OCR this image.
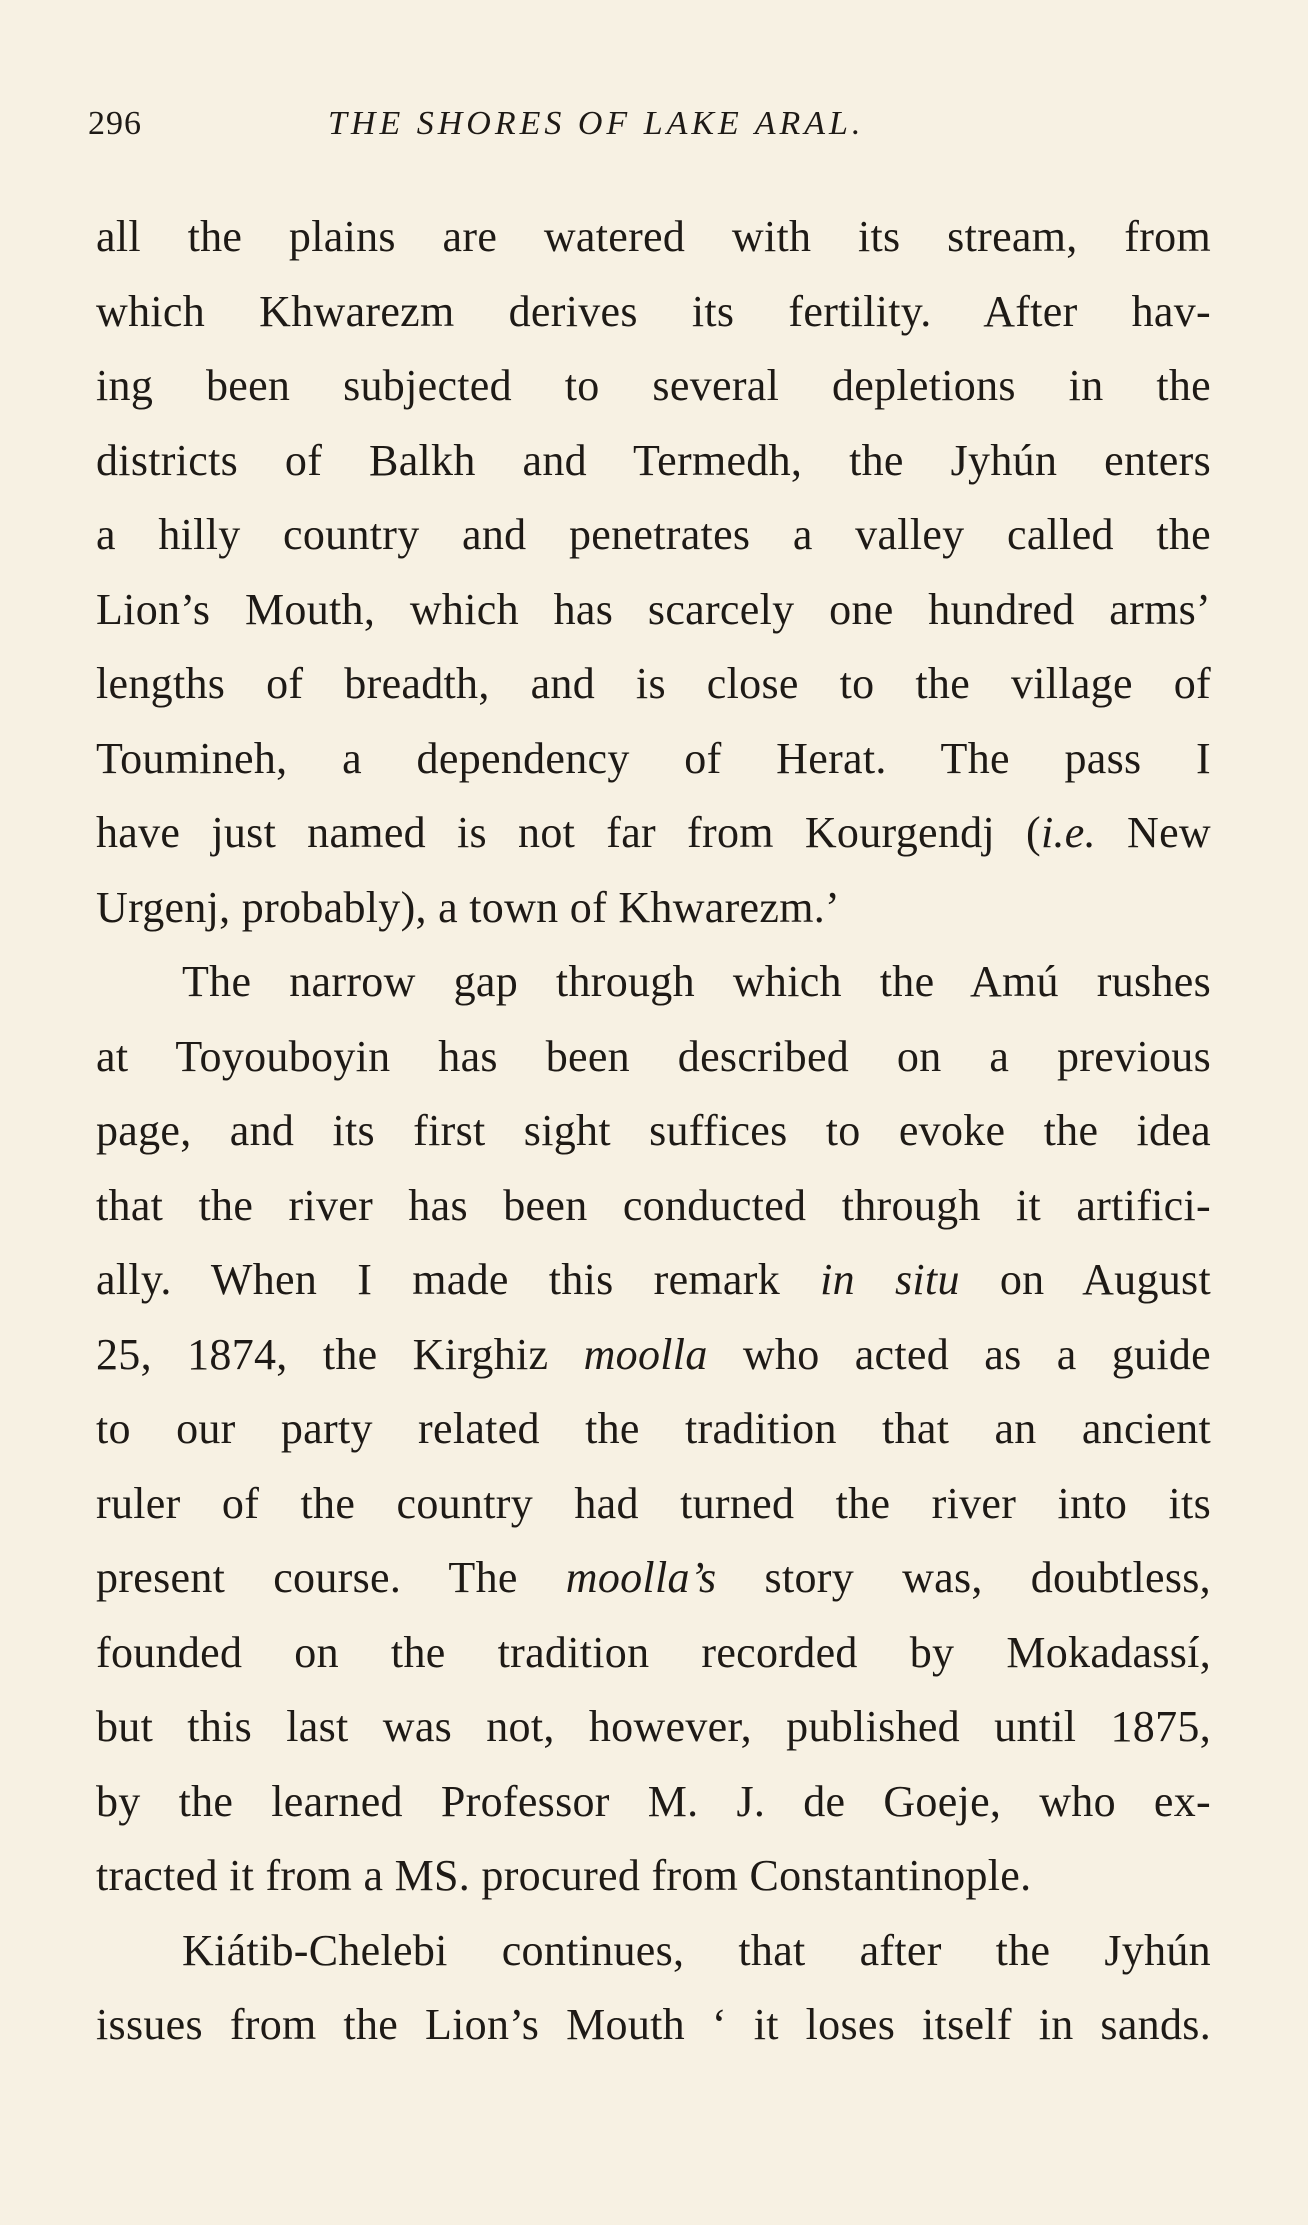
296	THE SHORES OF LAKE ARAL.
all the plains are watered with its stream, from
which Khwarezm derives its fertility. After hav-
ing been subjected to several depletions in the
districts of Balkh and Termedh, the Jyhún enters
a hilly country and penetrates a valley called the
Lion’s Mouth, which has scarcely one hundred arms’
lengths of breadth, and is close to the village of
Toumineh, a dependency of Herat. The pass I
have just named is not far from Kourgendj (i.e. New
Urgenj, probably), a town of Khwarezm.’
The narrow gap through which the Amú rushes
at Toyouboyin has been described on a previous
page, and its first sight suffices to evoke the idea
that the river has been conducted through it artifici-
ally. When I made this remark in situ on August
25, 1874, the Kirghiz moolla who acted as a guide
to our party related the tradition that an ancient
ruler of the country had turned the river into its
present course. The moolla’s story was, doubtless,
founded on the tradition recorded by Mokadassí,
but this last was not, however, published until 1875,
by the learned Professor M. J. de Goeje, who ex-
tracted it from a MS. procured from Constantinople.
Kiátib-Chelebi continues, that after the Jyhún
issues from the Lion’s Mouth ‘ it loses itself in sands.
